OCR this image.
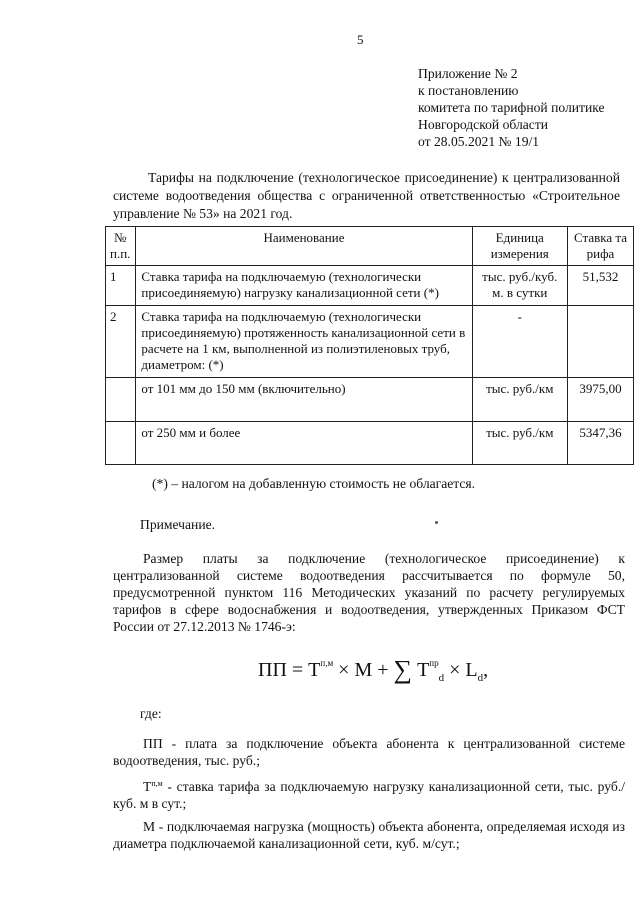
5
Приложение № 2
к постановлению
комитета по тарифной политике
Новгородской области
от 28.05.2021 № 19/1
Тарифы на подключение (технологическое присоединение) к централизованной системе водоотведения общества с ограниченной ответственностью «Строительное управление № 53» на 2021 год.
№ п.п.	Наименование	Единица измерения	Ставка тарифа
1	Ставка тарифа на подключаемую (технологически присоединяемую) нагрузку канализационной сети (*)	тыс. руб./куб. м. в сутки	51,532
2	Ставка тарифа на подключаемую (технологически присоединяемую) протяженность канализационной сети в расчете на 1 км, выполненной из полиэтиленовых труб, диаметром: (*)	-	
	от 101 мм до 150 мм (включительно)	тыс. руб./км	3975,00
	от 250 мм и более	тыс. руб./км	5347,36
(*) – налогом на добавленную стоимость не облагается.
Примечание.
Размер платы за подключение (технологическое присоединение) к централизованной системе водоотведения рассчитывается по формуле 50, предусмотренной пунктом 116 Методических указаний по расчету регулируемых тарифов в сфере водоснабжения и водоотведения, утвержденных Приказом ФСТ России от 27.12.2013 № 1746-э:
ПП = $T^{п,м} \times M$ + ∑ $T^{пр}_d \times L_d$,
где:
ПП - плата за подключение объекта абонента к централизованной системе водоотведения, тыс. руб.;
$T^{п,м}$ - ставка тарифа за подключаемую нагрузку канализационной сети, тыс. руб./куб. м в сут.;
М - подключаемая нагрузка (мощность) объекта абонента, определяемая исходя из диаметра подключаемой канализационной сети, куб. м/сут.;
